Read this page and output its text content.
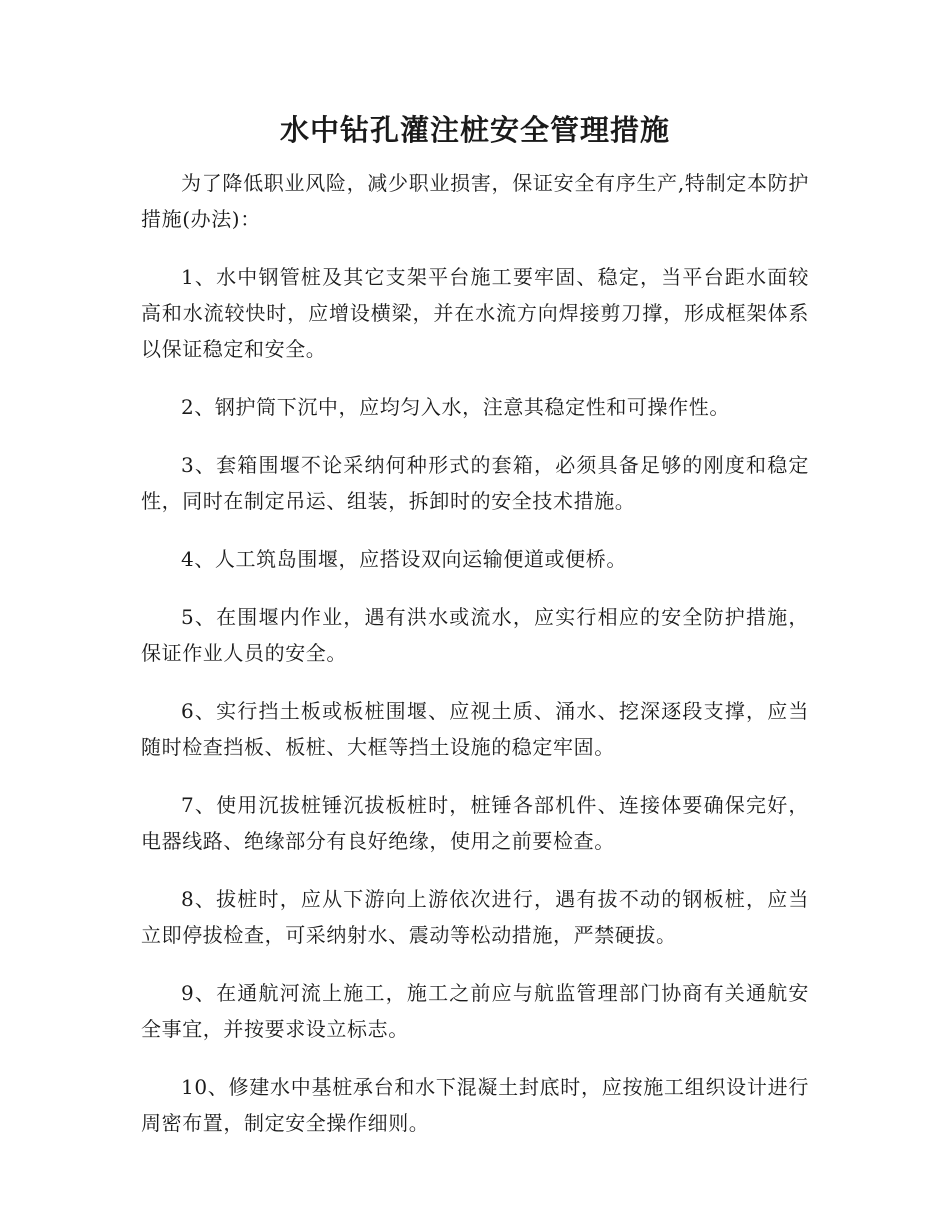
水中钻孔灌注桩安全管理措施

为了降低职业风险，减少职业损害，保证安全有序生产,特制定本防护措施(办法)：

1、水中钢管桩及其它支架平台施工要牢固、稳定，当平台距水面较高和水流较快时，应增设横梁，并在水流方向焊接剪刀撑，形成框架体系以保证稳定和安全。

2、钢护筒下沉中，应均匀入水，注意其稳定性和可操作性。

3、套箱围堰不论采纳何种形式的套箱，必须具备足够的刚度和稳定性，同时在制定吊运、组装，拆卸时的安全技术措施。

4、人工筑岛围堰，应搭设双向运输便道或便桥。

5、在围堰内作业，遇有洪水或流水，应实行相应的安全防护措施，保证作业人员的安全。

6、实行挡土板或板桩围堰、应视土质、涌水、挖深逐段支撑，应当随时检查挡板、板桩、大框等挡土设施的稳定牢固。

7、使用沉拔桩锤沉拔板桩时，桩锤各部机件、连接体要确保完好，电器线路、绝缘部分有良好绝缘，使用之前要检查。

8、拔桩时，应从下游向上游依次进行，遇有拔不动的钢板桩，应当立即停拔检查，可采纳射水、震动等松动措施，严禁硬拔。

9、在通航河流上施工，施工之前应与航监管理部门协商有关通航安全事宜，并按要求设立标志。

10、修建水中基桩承台和水下混凝土封底时，应按施工组织设计进行周密布置，制定安全操作细则。
